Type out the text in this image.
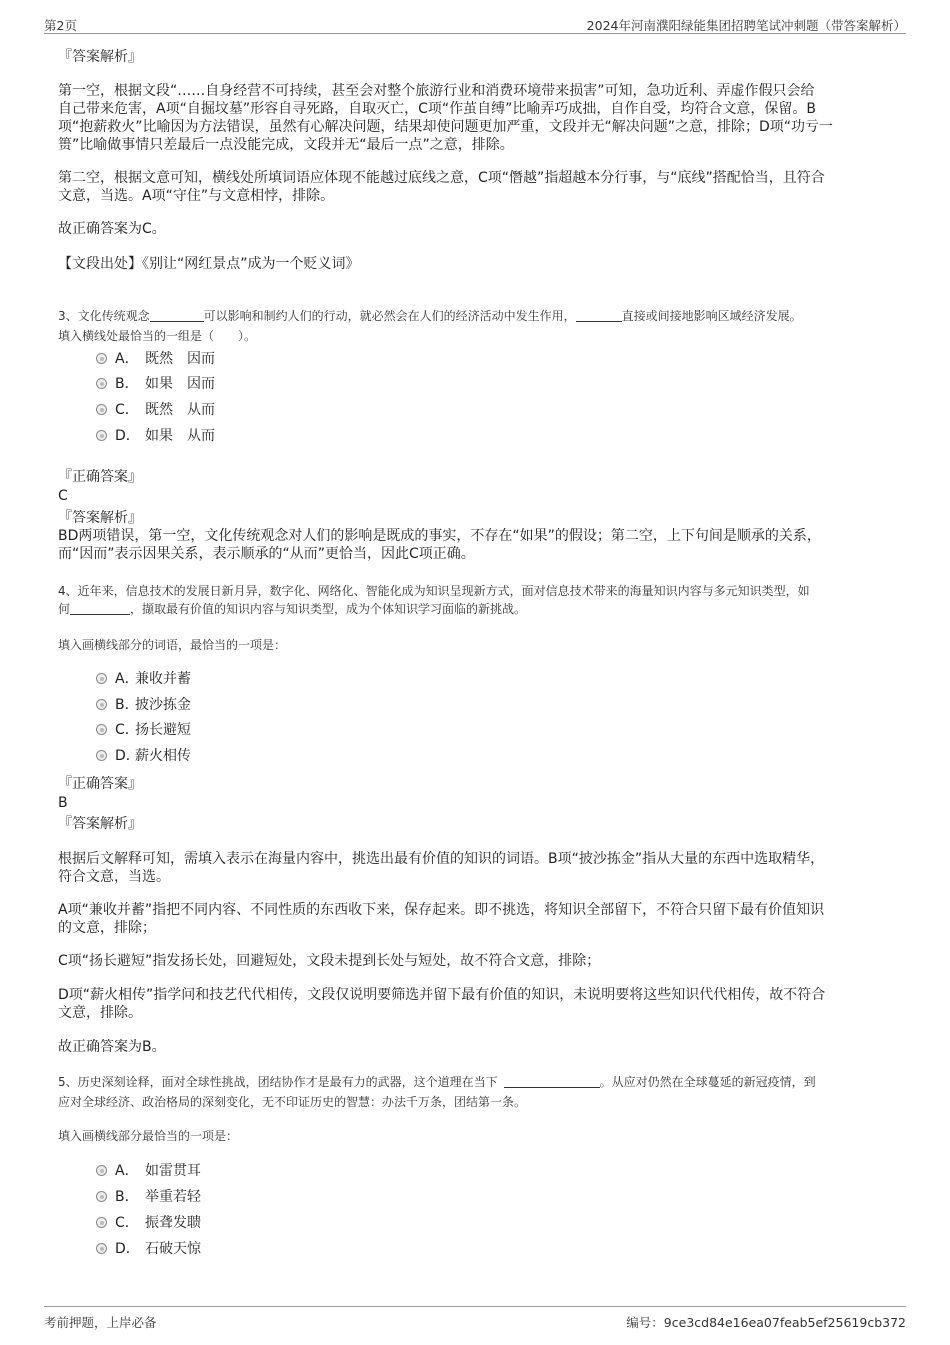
第2页	2024年河南濮阳绿能集团招聘笔试冲刺题（带答案解析）
『答案解析』
第一空，根据文段“……自身经营不可持续，甚至会对整个旅游行业和消费环境带来损害”可知，急功近利、弄虚作假只会给
自己带来危害，A项“自掘坟墓”形容自寻死路，自取灭亡，C项“作茧自缚”比喻弄巧成拙，自作自受，均符合文意，保留。B
项“抱薪救火”比喻因为方法错误，虽然有心解决问题，结果却使问题更加严重，文段并无“解决问题”之意，排除；D项“功亏一
篑”比喻做事情只差最后一点没能完成，文段并无“最后一点”之意，排除。
第二空，根据文意可知，横线处所填词语应体现不能越过底线之意，C项“僭越”指超越本分行事，与“底线”搭配恰当，且符合
文意，当选。A项“守住”与文意相悖，排除。
故正确答案为C。
【文段出处】《别让“网红景点”成为一个贬义词》
3、文化传统观念	可以影响和制约人们的行动，就必然会在人们的经济活动中发生作用，	直接或间接地影响区域经济发展。
填入横线处最恰当的一组是（　　）。
A． 既然　因而
B． 如果　因而
C． 既然　从而
D． 如果　从而
『正确答案』
C
『答案解析』
BD两项错误，第一空，文化传统观念对人们的影响是既成的事实，不存在“如果”的假设；第二空，上下句间是顺承的关系，
而“因而”表示因果关系，表示顺承的“从而”更恰当，因此C项正确。
4、近年来，信息技术的发展日新月异，数字化、网络化、智能化成为知识呈现新方式，面对信息技术带来的海量知识内容与多元知识类型，如
何	，撷取最有价值的知识内容与知识类型，成为个体知识学习面临的新挑战。
填入画横线部分的词语，最恰当的一项是：
A．兼收并蓄
B．披沙拣金
C．扬长避短
D．薪火相传
『正确答案』
B
『答案解析』
根据后文解释可知，需填入表示在海量内容中，挑选出最有价值的知识的词语。B项“披沙拣金”指从大量的东西中选取精华，
符合文意，当选。
A项“兼收并蓄”指把不同内容、不同性质的东西收下来，保存起来。即不挑选，将知识全部留下，不符合只留下最有价值知识
的文意，排除；
C项“扬长避短”指发扬长处，回避短处，文段未提到长处与短处，故不符合文意，排除；
D项“薪火相传”指学问和技艺代代相传，文段仅说明要筛选并留下最有价值的知识，未说明要将这些知识代代相传，故不符合
文意，排除。
故正确答案为B。
5、历史深刻诠释，面对全球性挑战，团结协作才是最有力的武器，这个道理在当下	。从应对仍然在全球蔓延的新冠疫情，到
应对全球经济、政治格局的深刻变化，无不印证历史的智慧：办法千万条，团结第一条。
填入画横线部分最恰当的一项是：
A． 如雷贯耳
B． 举重若轻
C． 振聋发聩
D． 石破天惊
考前押题，上岸必备	编号：9ce3cd84e16ea07feab5ef25619cb372
